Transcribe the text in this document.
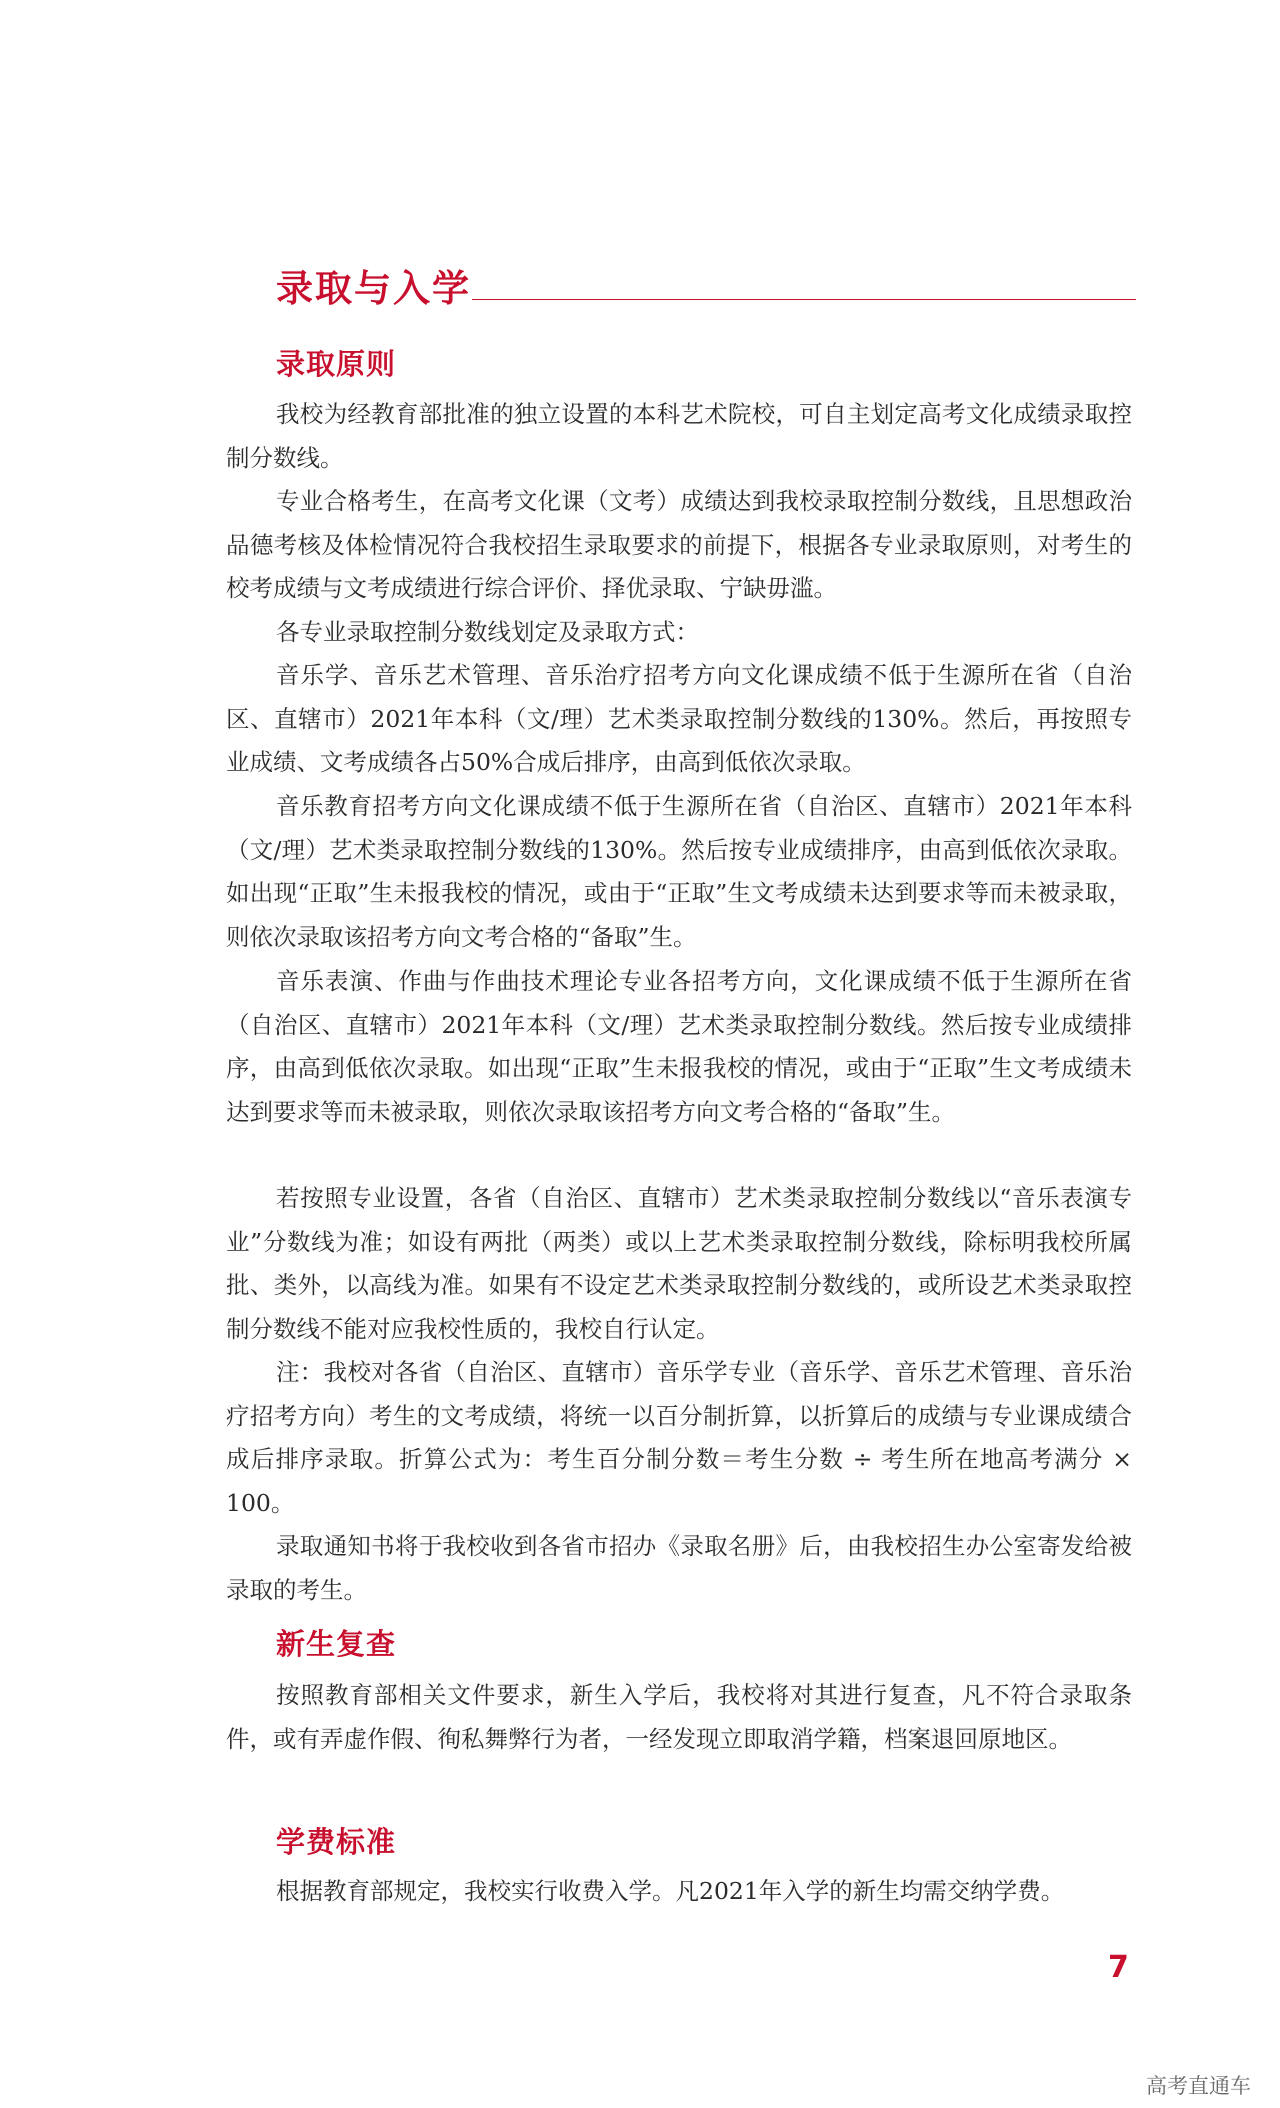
录取与入学
录取原则

我校为经教育部批准的独立设置的本科艺术院校，可自主划定高考文化成绩录取控制分数线。

专业合格考生，在高考文化课（文考）成绩达到我校录取控制分数线，且思想政治品德考核及体检情况符合我校招生录取要求的前提下，根据各专业录取原则，对考生的校考成绩与文考成绩进行综合评价、择优录取、宁缺毋滥。

各专业录取控制分数线划定及录取方式：

音乐学、音乐艺术管理、音乐治疗招考方向文化课成绩不低于生源所在省（自治区、直辖市）2021年本科（文/理）艺术类录取控制分数线的130%。然后，再按照专业成绩、文考成绩各占50%合成后排序，由高到低依次录取。

音乐教育招考方向文化课成绩不低于生源所在省（自治区、直辖市）2021年本科（文/理）艺术类录取控制分数线的130%。然后按专业成绩排序，由高到低依次录取。如出现“正取”生未报我校的情况，或由于“正取”生文考成绩未达到要求等而未被录取，则依次录取该招考方向文考合格的“备取”生。

音乐表演、作曲与作曲技术理论专业各招考方向，文化课成绩不低于生源所在省（自治区、直辖市）2021年本科（文/理）艺术类录取控制分数线。然后按专业成绩排序，由高到低依次录取。如出现“正取”生未报我校的情况，或由于“正取”生文考成绩未达到要求等而未被录取，则依次录取该招考方向文考合格的“备取”生。

若按照专业设置，各省（自治区、直辖市）艺术类录取控制分数线以“音乐表演专业”分数线为准；如设有两批（两类）或以上艺术类录取控制分数线，除标明我校所属批、类外，以高线为准。如果有不设定艺术类录取控制分数线的，或所设艺术类录取控制分数线不能对应我校性质的，我校自行认定。

注：我校对各省（自治区、直辖市）音乐学专业（音乐学、音乐艺术管理、音乐治疗招考方向）考生的文考成绩，将统一以百分制折算，以折算后的成绩与专业课成绩合成后排序录取。折算公式为：考生百分制分数＝考生分数 ÷ 考生所在地高考满分 × 100。

录取通知书将于我校收到各省市招办《录取名册》后，由我校招生办公室寄发给被录取的考生。

新生复查

按照教育部相关文件要求，新生入学后，我校将对其进行复查，凡不符合录取条件，或有弄虚作假、徇私舞弊行为者，一经发现立即取消学籍，档案退回原地区。

学费标准

根据教育部规定，我校实行收费入学。凡2021年入学的新生均需交纳学费。

7
高考直通车
